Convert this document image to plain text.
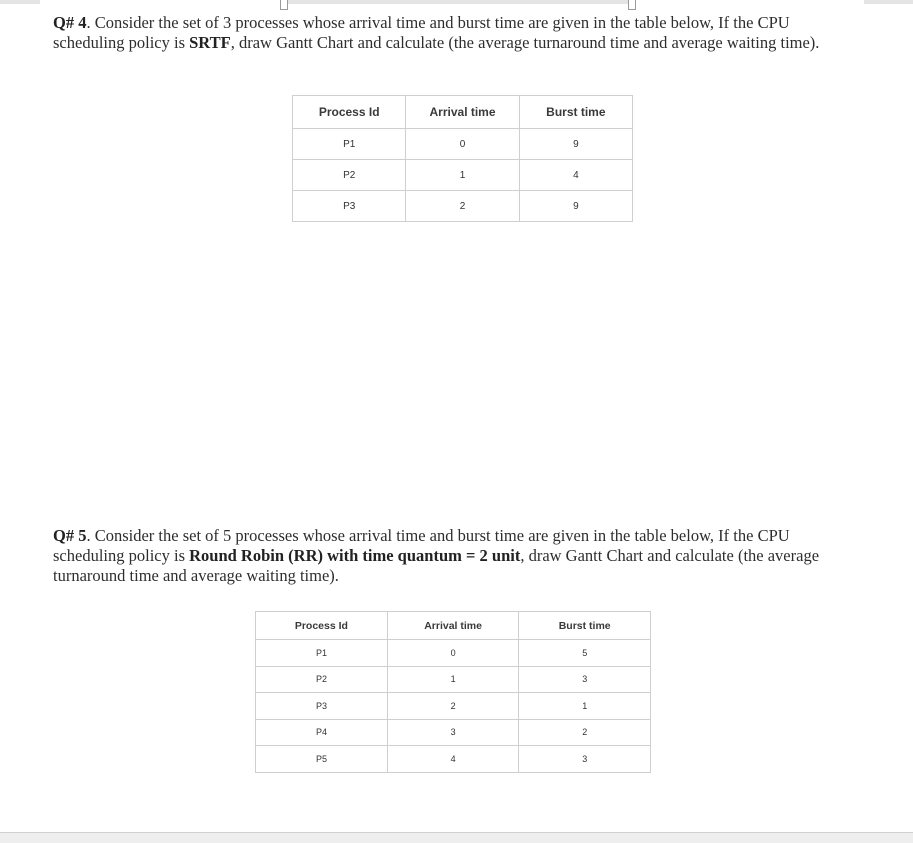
Q# 4. Consider the set of 3 processes whose arrival time and burst time are given in the table below, If the CPU scheduling policy is SRTF, draw Gantt Chart and calculate (the average turnaround time and average waiting time).

Process Id	Arrival time	Burst time
P1	0	9
P2	1	4
P3	2	9

Q# 5. Consider the set of 5 processes whose arrival time and burst time are given in the table below, If the CPU scheduling policy is Round Robin (RR) with time quantum = 2 unit, draw Gantt Chart and calculate (the average turnaround time and average waiting time).

Process Id	Arrival time	Burst time
P1	0	5
P2	1	3
P3	2	1
P4	3	2
P5	4	3
